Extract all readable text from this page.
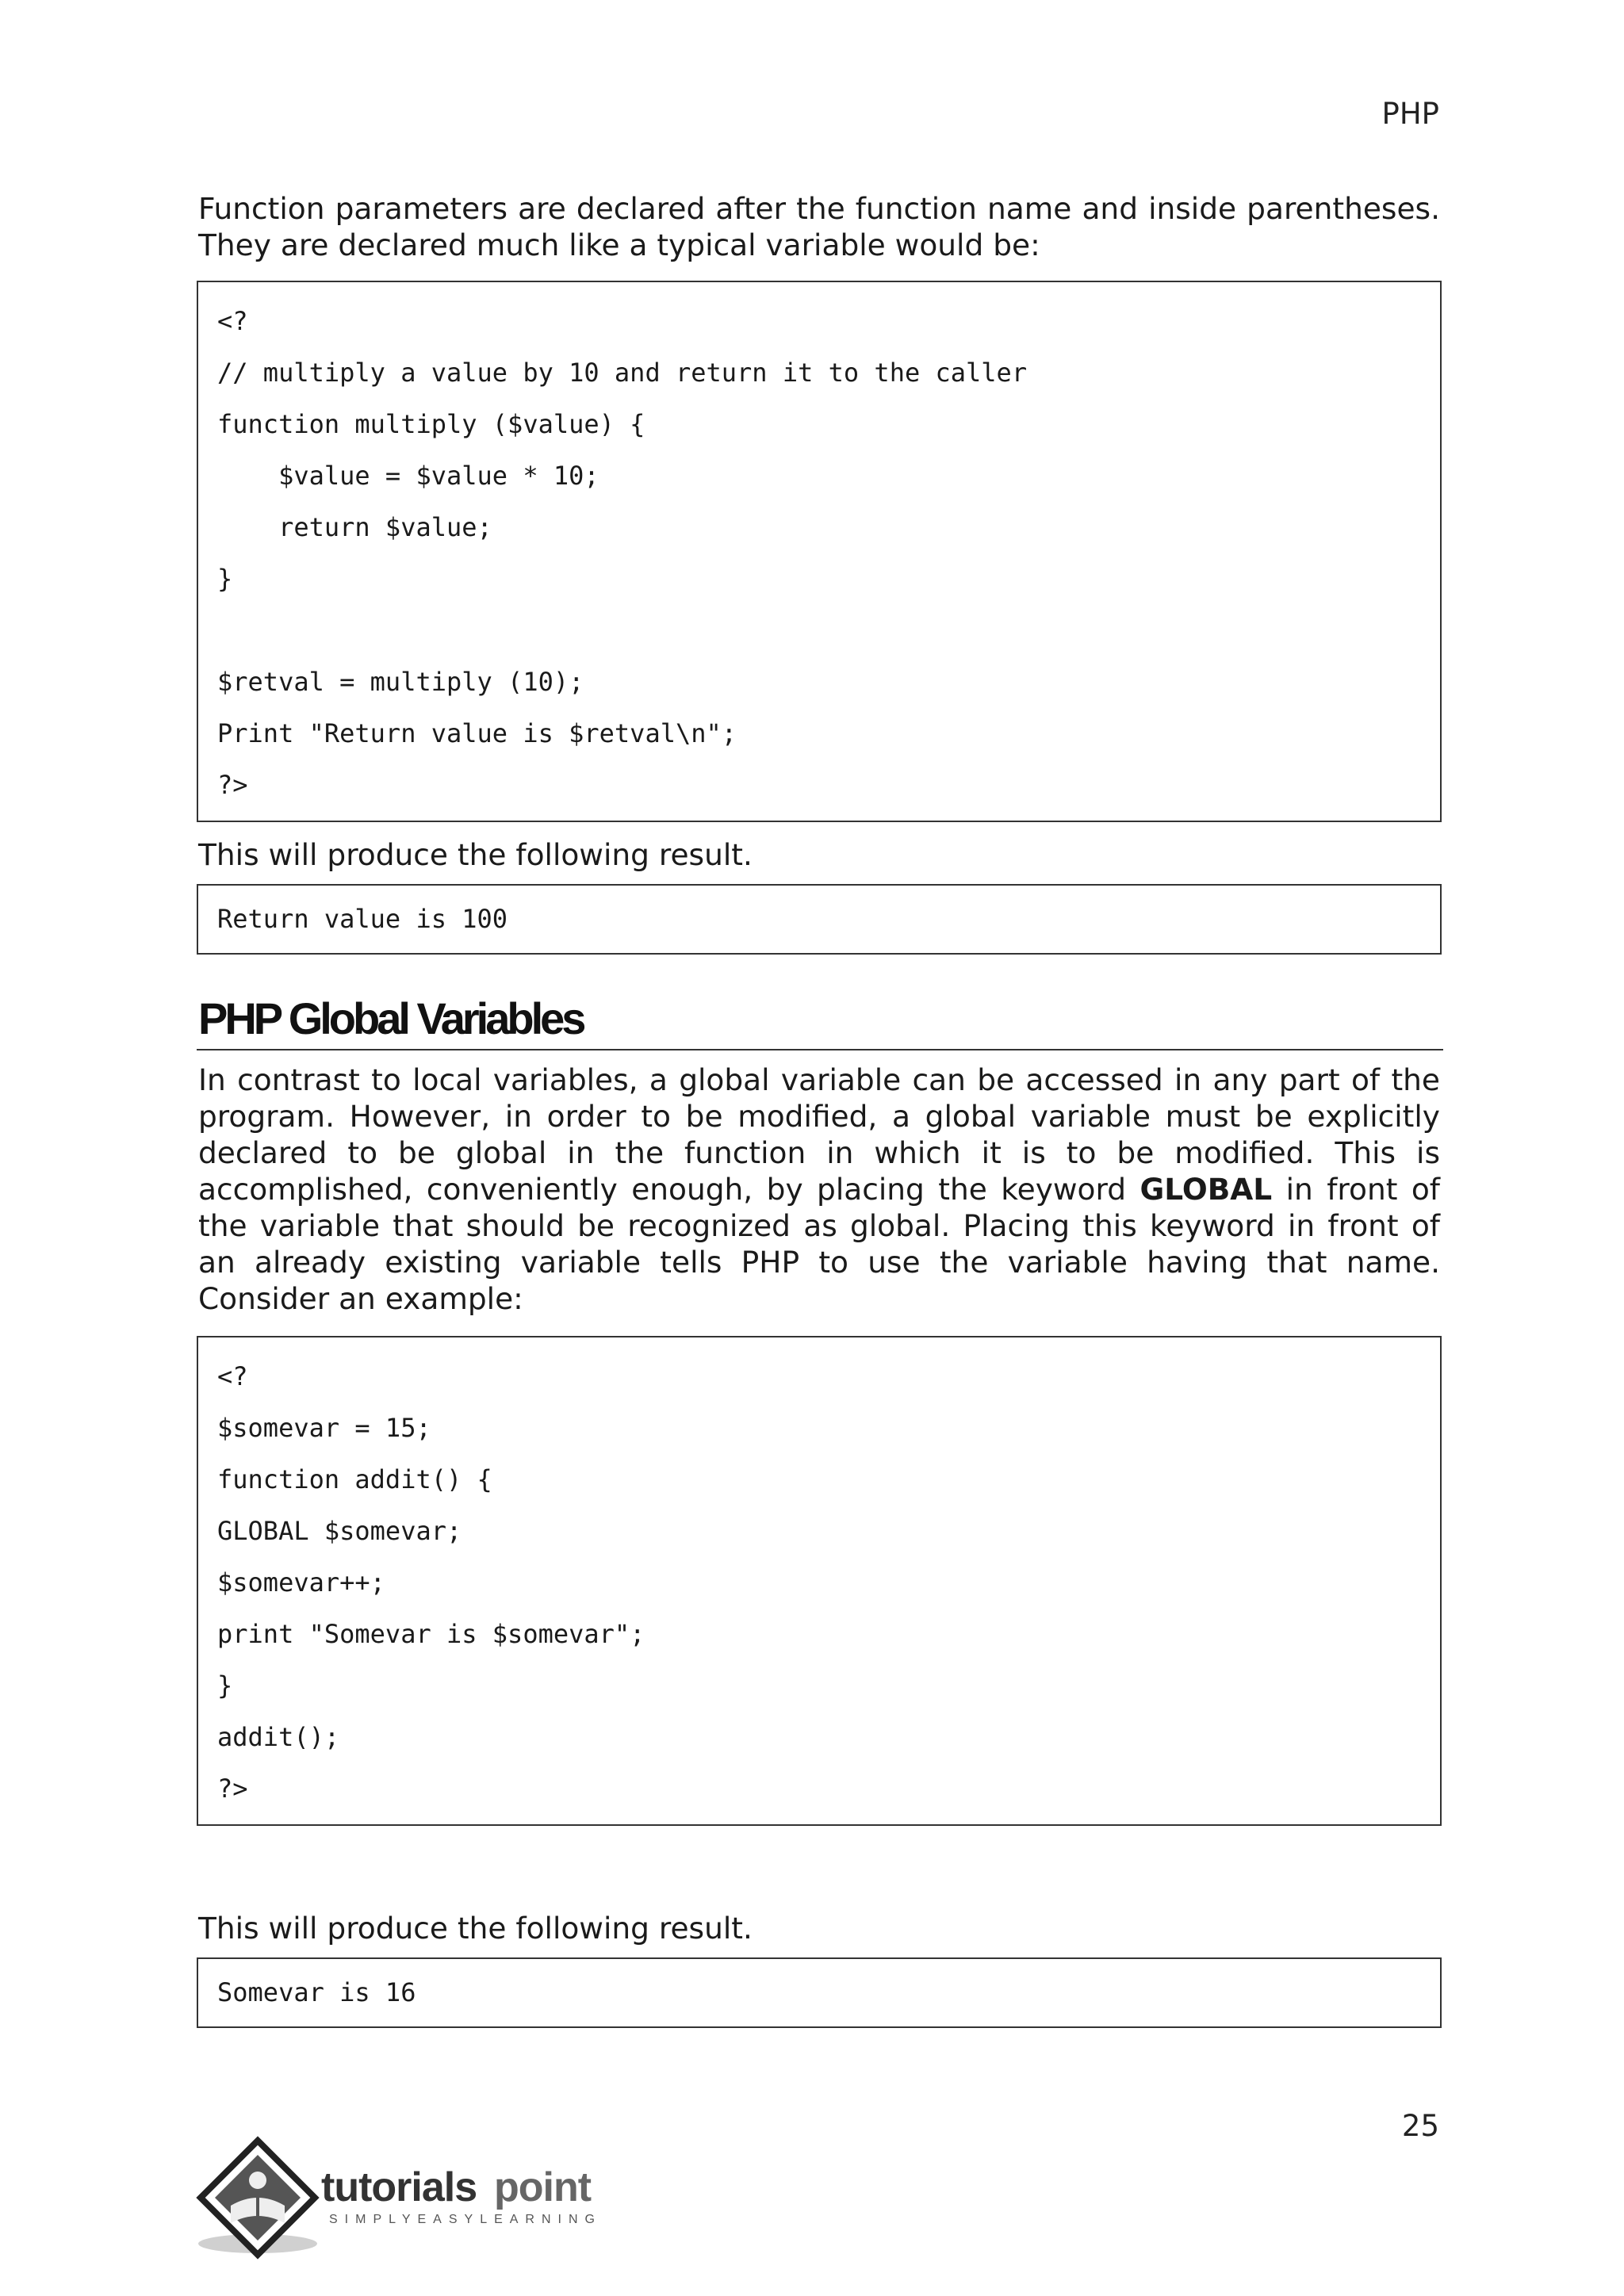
PHP

Function parameters are declared after the function name and inside parentheses. They are declared much like a typical variable would be:

<?
// multiply a value by 10 and return it to the caller
function multiply ($value) {
$value = $value * 10;
return $value;
}
$retval = multiply (10);
Print "Return value is $retval\n";
?>

This will produce the following result.

Return value is 100
PHP Global Variables

In contrast to local variables, a global variable can be accessed in any part of the program. However, in order to be modified, a global variable must be explicitly declared to be global in the function in which it is to be modified. This is accomplished, conveniently enough, by placing the keyword GLOBAL in front of the variable that should be recognized as global. Placing this keyword in front of an already existing variable tells PHP to use the variable having that name. Consider an example:

<?
$somevar = 15;
function addit() {
GLOBAL $somevar;
$somevar++;
print "Somevar is $somevar";
}
addit();
?>

This will produce the following result.

Somevar is 16
25
tutorials point
SIMPLYEASYLEARNING
